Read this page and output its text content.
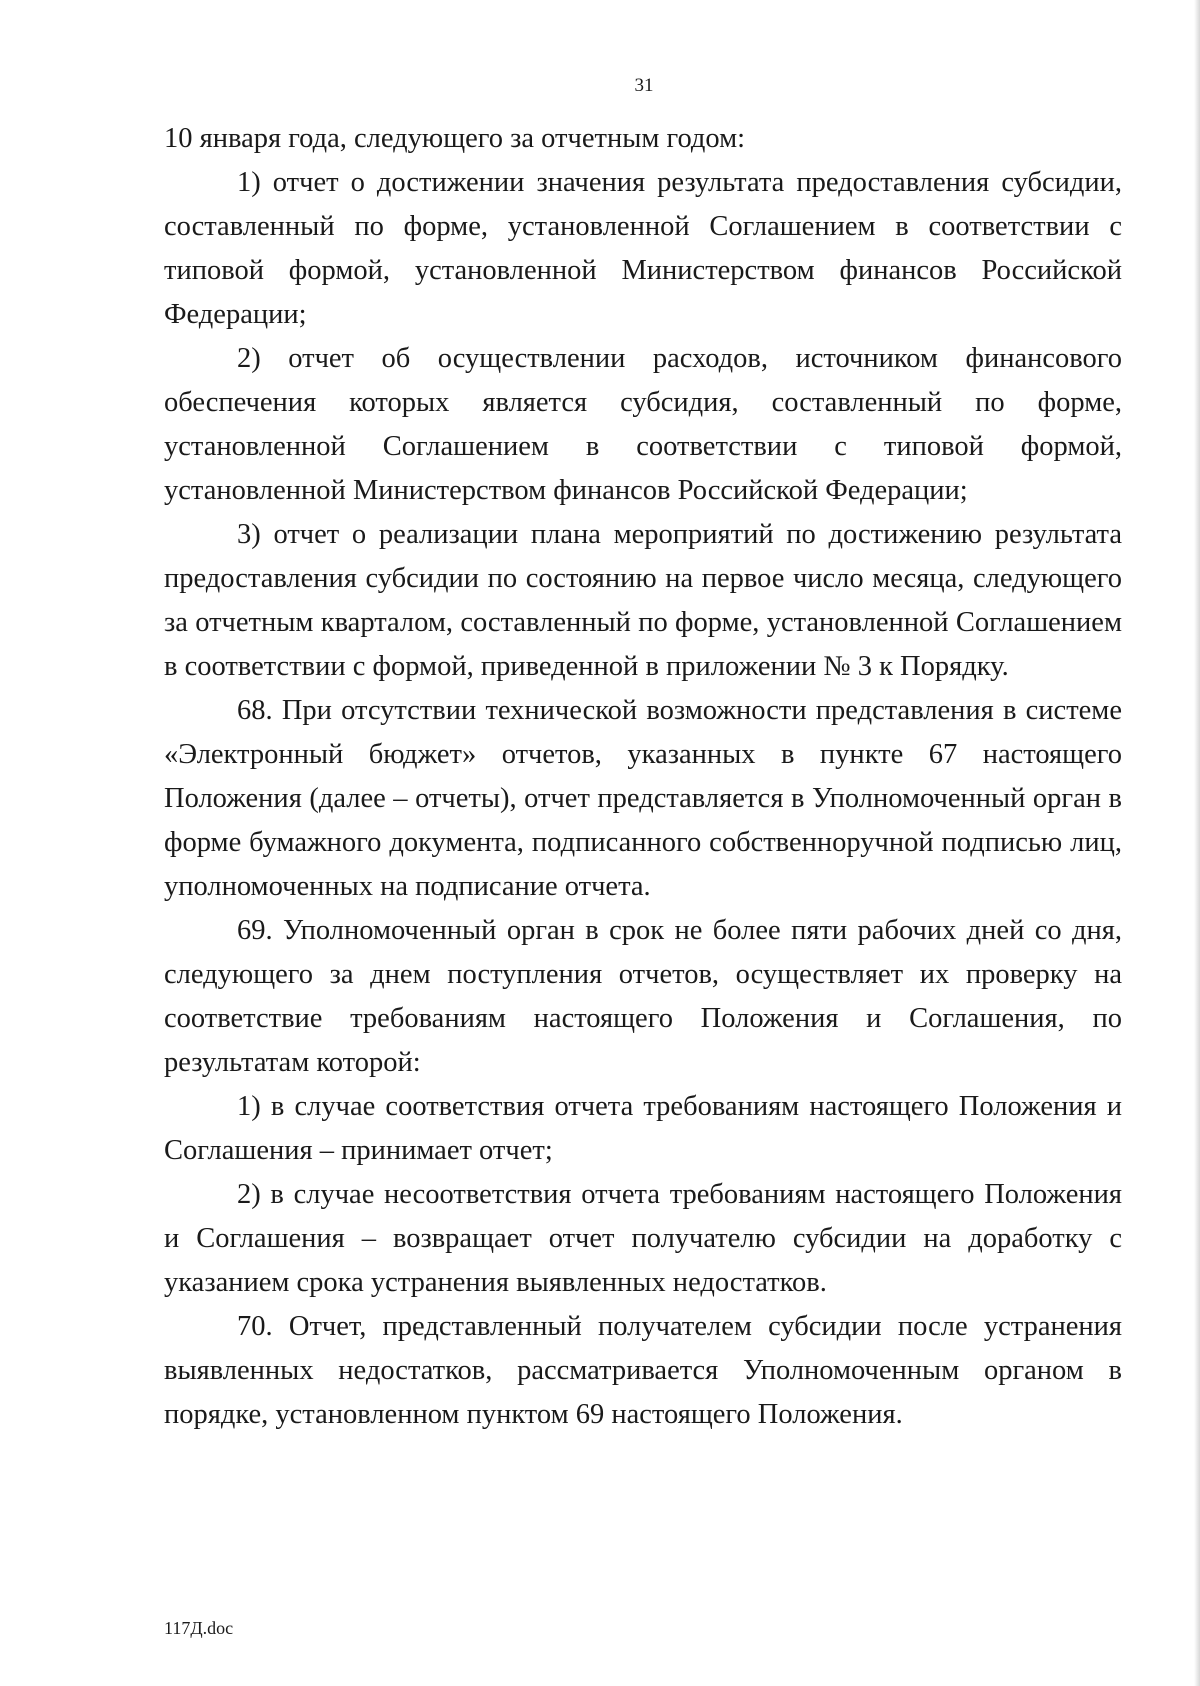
31

10 января года, следующего за отчетным годом:

1) отчет о достижении значения результата предоставления субсидии, составленный по форме, установленной Соглашением в соответствии с типовой формой, установленной Министерством финансов Российской Федерации;

2) отчет об осуществлении расходов, источником финансового обеспечения которых является субсидия, составленный по форме, установленной Соглашением в соответствии с типовой формой, установленной Министерством финансов Российской Федерации;

3) отчет о реализации плана мероприятий по достижению результата предоставления субсидии по состоянию на первое число месяца, следующего за отчетным кварталом, составленный по форме, установленной Соглашением в соответствии с формой, приведенной в приложении № 3 к Порядку.

68. При отсутствии технической возможности представления в системе «Электронный бюджет» отчетов, указанных в пункте 67 настоящего Положения (далее – отчеты), отчет представляется в Уполномоченный орган в форме бумажного документа, подписанного собственноручной подписью лиц, уполномоченных на подписание отчета.

69. Уполномоченный орган в срок не более пяти рабочих дней со дня, следующего за днем поступления отчетов, осуществляет их проверку на соответствие требованиям настоящего Положения и Соглашения, по результатам которой:

1) в случае соответствия отчета требованиям настоящего Положения и Соглашения – принимает отчет;

2) в случае несоответствия отчета требованиям настоящего Положения и Соглашения – возвращает отчет получателю субсидии на доработку с указанием срока устранения выявленных недостатков.

70. Отчет, представленный получателем субсидии после устранения выявленных недостатков, рассматривается Уполномоченным органом в порядке, установленном пунктом 69 настоящего Положения.

117Д.doc
